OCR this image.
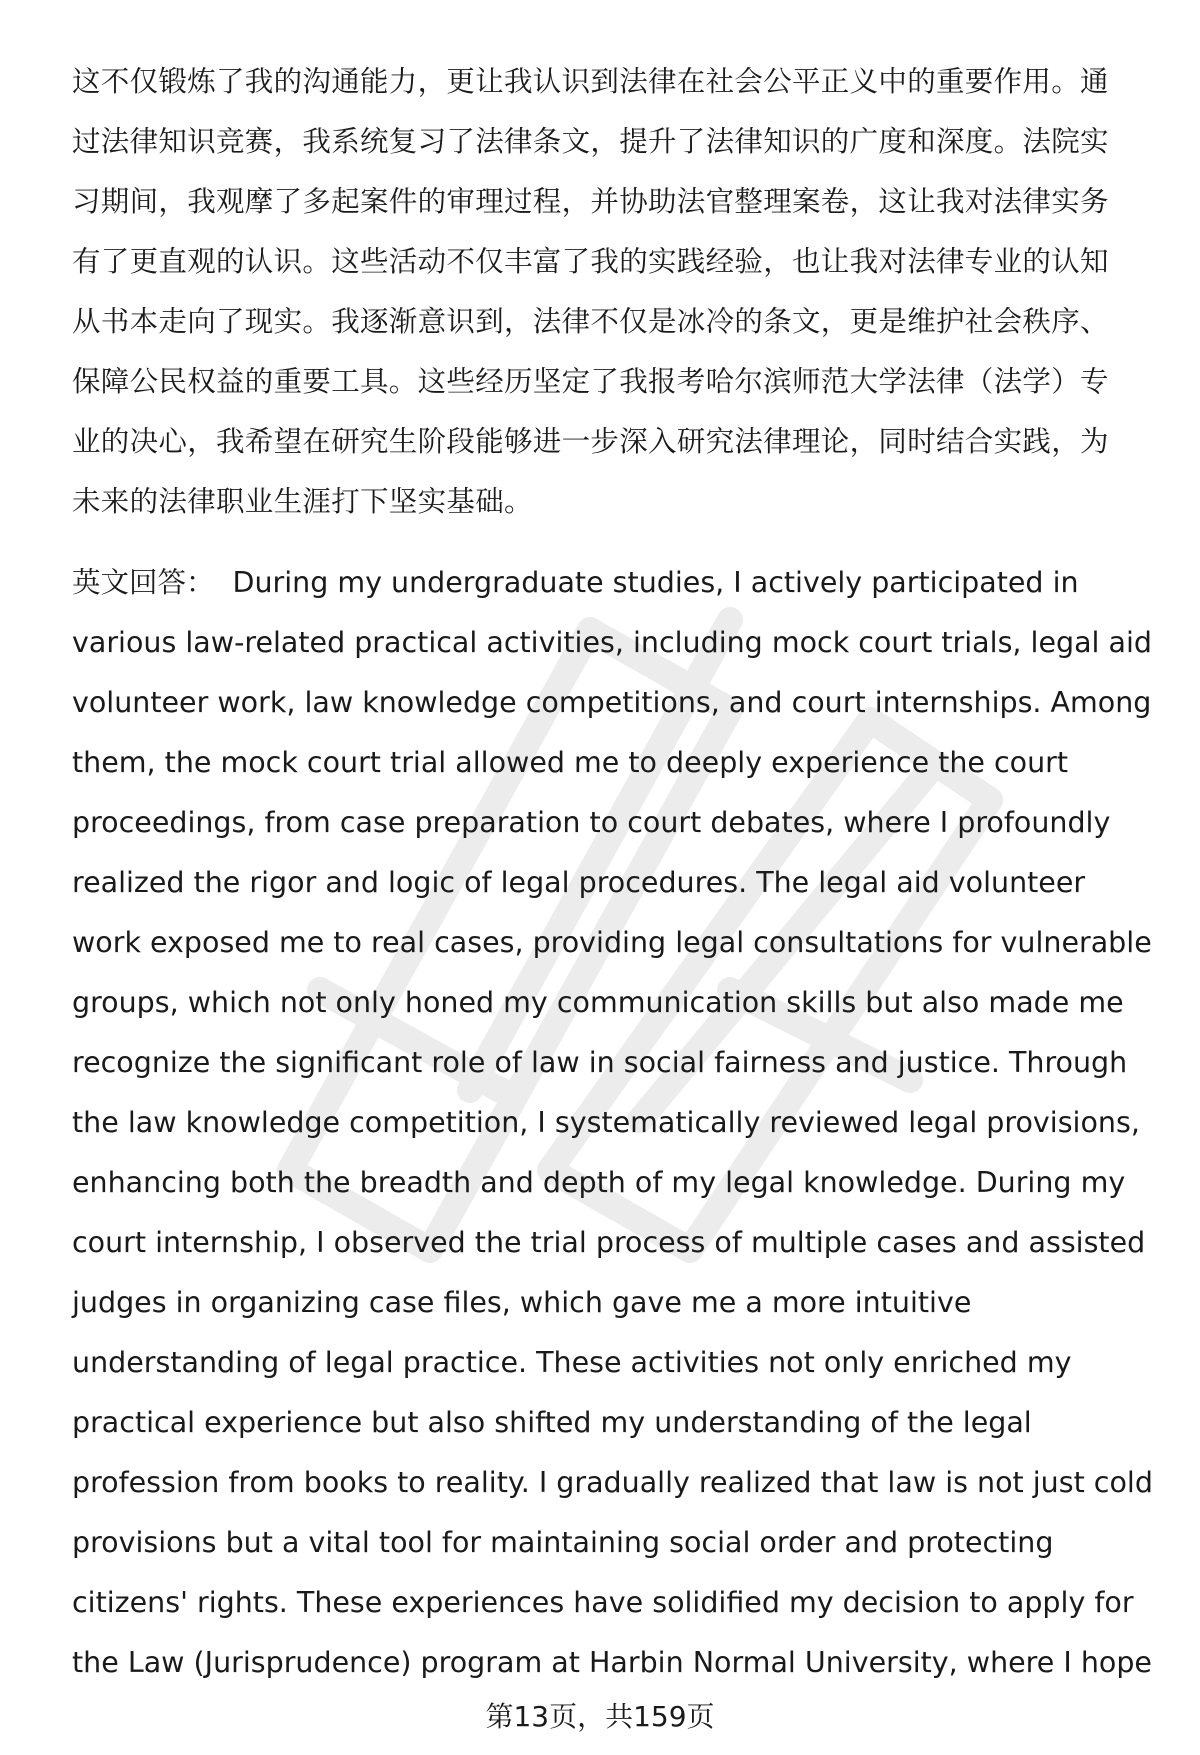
这不仅锻炼了我的沟通能力，更让我认识到法律在社会公平正义中的重要作用。通
过法律知识竞赛，我系统复习了法律条文，提升了法律知识的广度和深度。法院实
习期间，我观摩了多起案件的审理过程，并协助法官整理案卷，这让我对法律实务
有了更直观的认识。这些活动不仅丰富了我的实践经验，也让我对法律专业的认知
从书本走向了现实。我逐渐意识到，法律不仅是冰冷的条文，更是维护社会秩序、
保障公民权益的重要工具。这些经历坚定了我报考哈尔滨师范大学法律（法学）专
业的决心，我希望在研究生阶段能够进一步深入研究法律理论，同时结合实践，为
未来的法律职业生涯打下坚实基础。
英文回答： During my undergraduate studies, I actively participated in
various law-related practical activities, including mock court trials, legal aid
volunteer work, law knowledge competitions, and court internships. Among
them, the mock court trial allowed me to deeply experience the court
proceedings, from case preparation to court debates, where I profoundly
realized the rigor and logic of legal procedures. The legal aid volunteer
work exposed me to real cases, providing legal consultations for vulnerable
groups, which not only honed my communication skills but also made me
recognize the significant role of law in social fairness and justice. Through
the law knowledge competition, I systematically reviewed legal provisions,
enhancing both the breadth and depth of my legal knowledge. During my
court internship, I observed the trial process of multiple cases and assisted
judges in organizing case files, which gave me a more intuitive
understanding of legal practice. These activities not only enriched my
practical experience but also shifted my understanding of the legal
profession from books to reality. I gradually realized that law is not just cold
provisions but a vital tool for maintaining social order and protecting
citizens' rights. These experiences have solidified my decision to apply for
the Law (Jurisprudence) program at Harbin Normal University, where I hope
第13页，共159页
